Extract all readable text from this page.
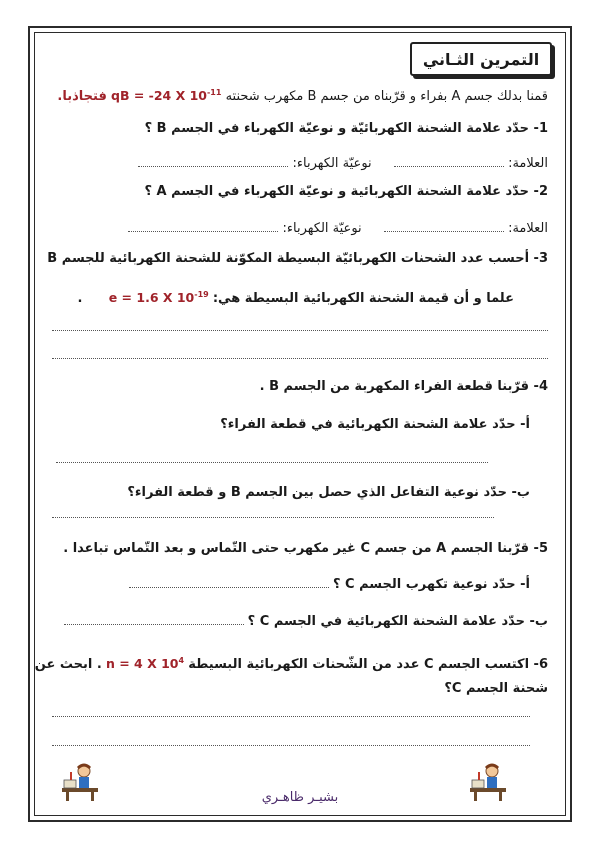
التمرين الثـاني
قمنا بدلك جسم A بفراء و قرّبناه من جسم B مكهرب شحنته qB = -24 X $10^{-11}$ فتجاذبا.
1- حدّد علامة الشحنة الكهربائيّة و نوعيّة الكهرباء في الجسم B ؟
العلامة:   نوعيّة الكهرباء:
2- حدّد علامة الشحنة الكهربائية و نوعيّة الكهرباء في الجسم A ؟
العلامة:   نوعيّة الكهرباء:
3- أحسب عدد الشحنات الكهربائيّة البسيطة المكوّنة للشحنة الكهربائية للجسم B
علما و أن قيمة الشحنة الكهربائية البسيطة هي: e = 1.6 X $10^{-19}$  .
4- قرّبنا قطعة الفراء المكهربة من الجسم B .
أ- حدّد علامة الشحنة الكهربائية في قطعة الفراء؟
ب- حدّد نوعية التفاعل الذي حصل بين الجسم B و قطعة الفراء؟
5- قرّبنا الجسم A من جسم C غير مكهرب حتى التّماس و بعد التّماس تباعدا .
أ- حدّد نوعية تكهرب الجسم C ؟
ب- حدّد علامة الشحنة الكهربائية في الجسم C ؟
6- اكتسب الجسم C عدد من الشّحنات الكهربائية البسيطة n = 4 X $10^4$ . ابحث عن
شحنة الجسم C؟
بشيـر ظاهـري
